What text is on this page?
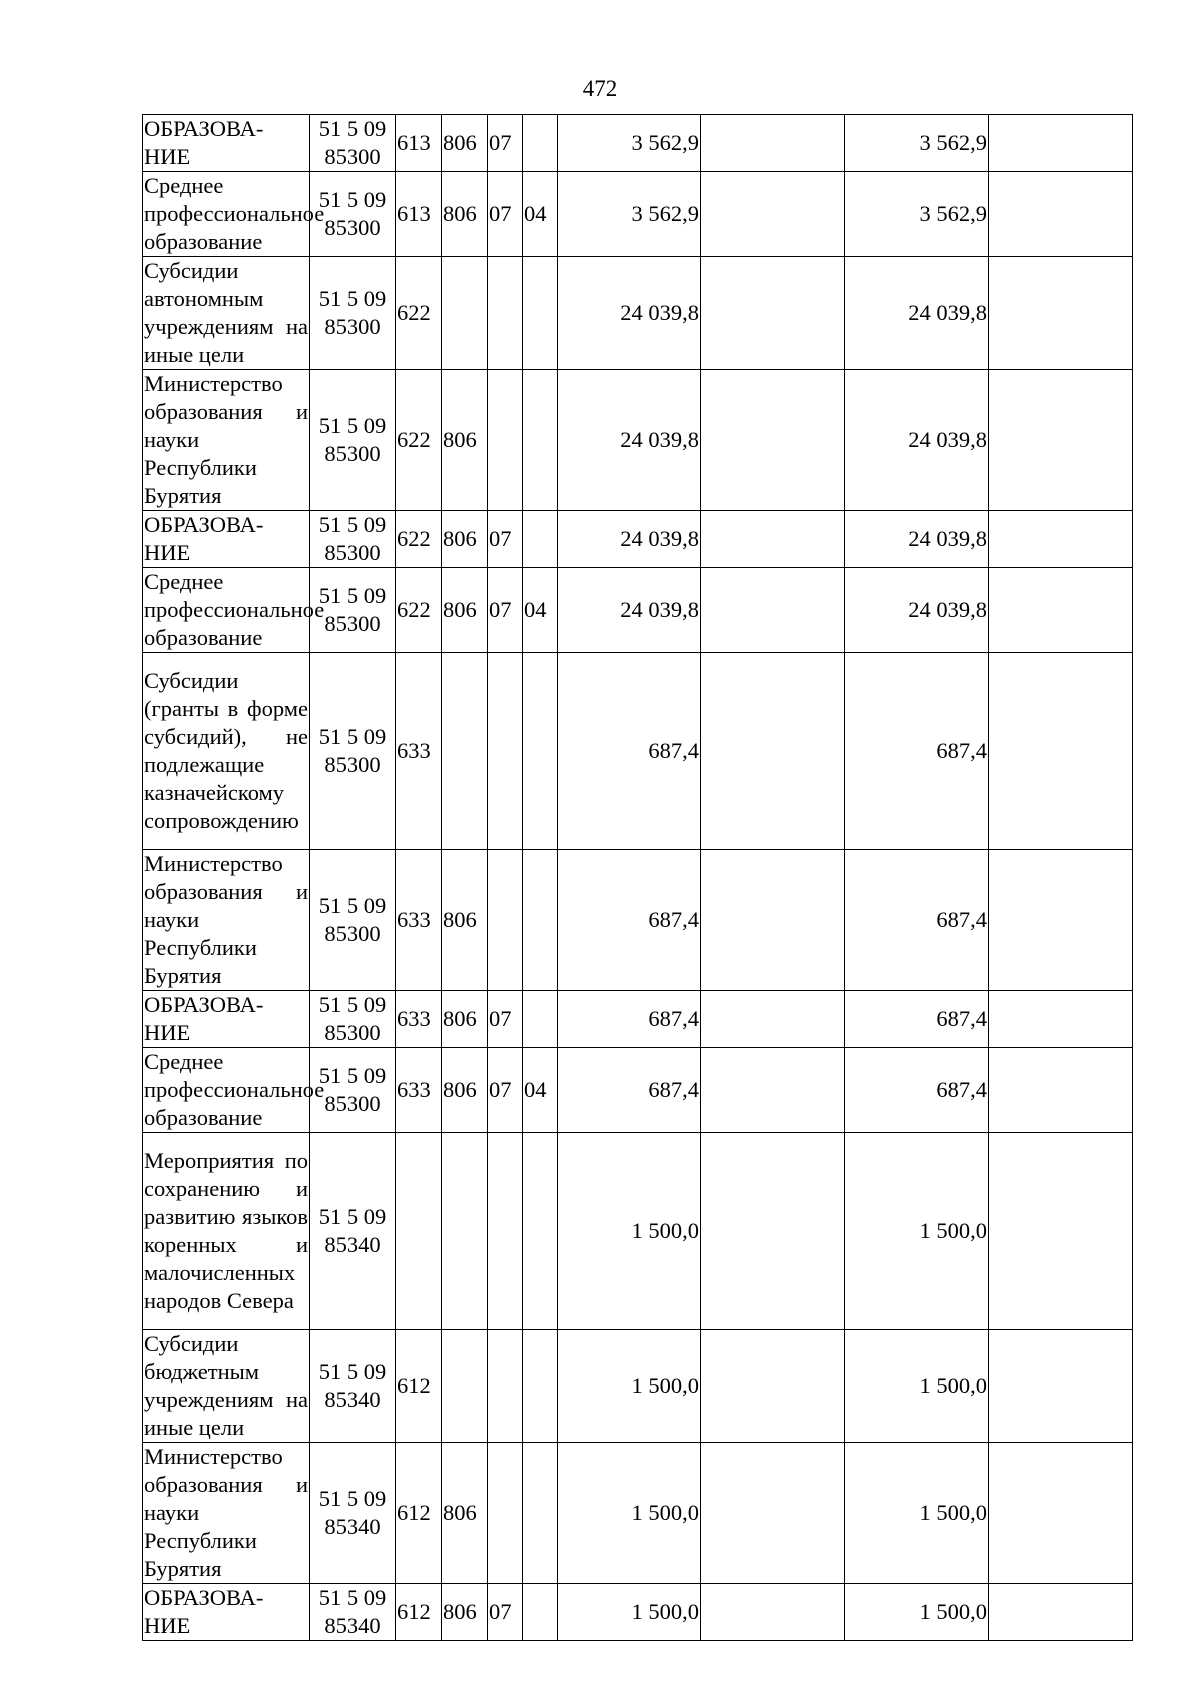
472
ОБРАЗОВА-НИЕ	51 5 09 85300	613	806	07		3 562,9		3 562,9	
Среднее профессиональное образование	51 5 09 85300	613	806	07	04	3 562,9		3 562,9	
Субсидии автономным учреждениям на иные цели	51 5 09 85300	622				24 039,8		24 039,8	
Министерство образования и науки Республики Бурятия	51 5 09 85300	622	806			24 039,8		24 039,8	
ОБРАЗОВА-НИЕ	51 5 09 85300	622	806	07		24 039,8		24 039,8	
Среднее профессиональное образование	51 5 09 85300	622	806	07	04	24 039,8		24 039,8	
Субсидии (гранты в форме субсидий), не подлежащие казначейскому сопровождению	51 5 09 85300	633				687,4		687,4	
Министерство образования и науки Республики Бурятия	51 5 09 85300	633	806			687,4		687,4	
ОБРАЗОВА-НИЕ	51 5 09 85300	633	806	07		687,4		687,4	
Среднее профессиональное образование	51 5 09 85300	633	806	07	04	687,4		687,4	
Мероприятия по сохранению и развитию языков коренных и малочисленных народов Севера	51 5 09 85340					1 500,0		1 500,0	
Субсидии бюджетным учреждениям на иные цели	51 5 09 85340	612				1 500,0		1 500,0	
Министерство образования и науки Республики Бурятия	51 5 09 85340	612	806			1 500,0		1 500,0	
ОБРАЗОВА-НИЕ	51 5 09 85340	612	806	07		1 500,0		1 500,0	
